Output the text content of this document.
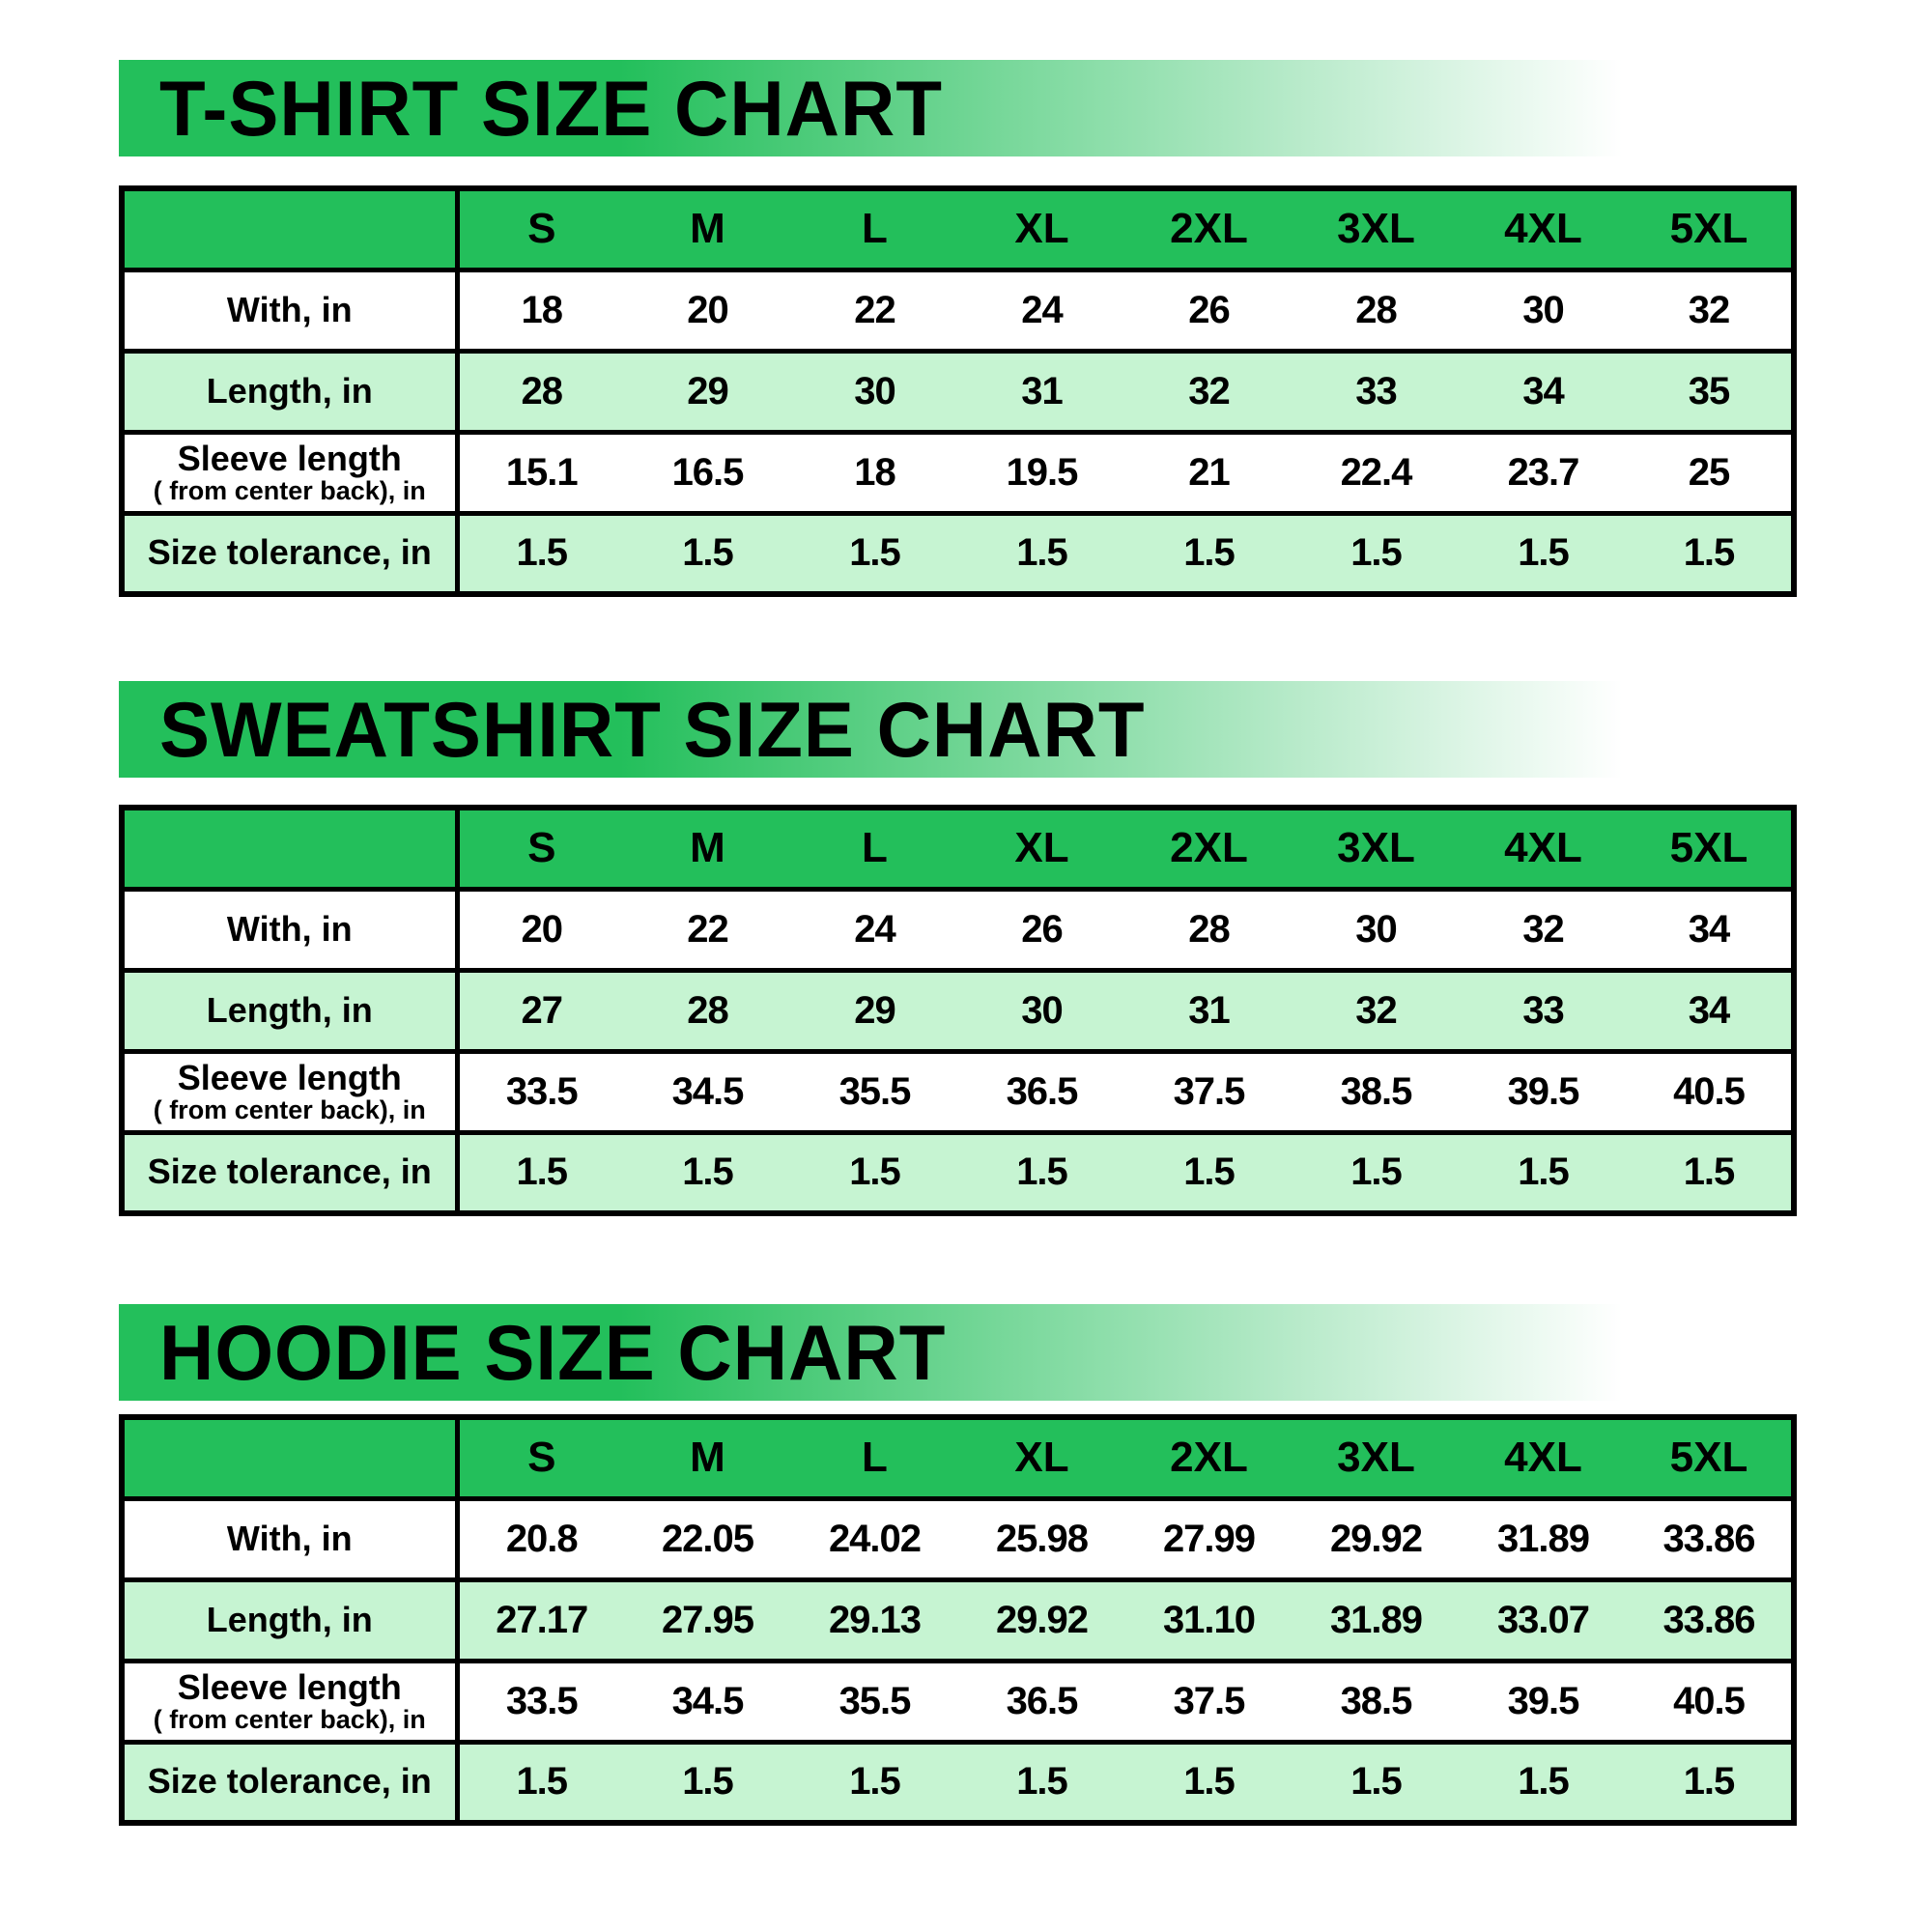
T-SHIRT SIZE CHART
	S	M	L	XL	2XL	3XL	4XL	5XL

With, in	18	20	22	24	26	28	30	32

Length, in	28	29	30	31	32	33	34	35

Sleeve length
( from center back), in	15.1	16.5	18	19.5	21	22.4	23.7	25

Size tolerance, in	1.5	1.5	1.5	1.5	1.5	1.5	1.5	1.5
SWEATSHIRT SIZE CHART
	S	M	L	XL	2XL	3XL	4XL	5XL

With, in	20	22	24	26	28	30	32	34

Length, in	27	28	29	30	31	32	33	34

Sleeve length
( from center back), in	33.5	34.5	35.5	36.5	37.5	38.5	39.5	40.5

Size tolerance, in	1.5	1.5	1.5	1.5	1.5	1.5	1.5	1.5
HOODIE SIZE CHART
	S	M	L	XL	2XL	3XL	4XL	5XL

With, in	20.8	22.05	24.02	25.98	27.99	29.92	31.89	33.86

Length, in	27.17	27.95	29.13	29.92	31.10	31.89	33.07	33.86

Sleeve length
( from center back), in	33.5	34.5	35.5	36.5	37.5	38.5	39.5	40.5

Size tolerance, in	1.5	1.5	1.5	1.5	1.5	1.5	1.5	1.5
